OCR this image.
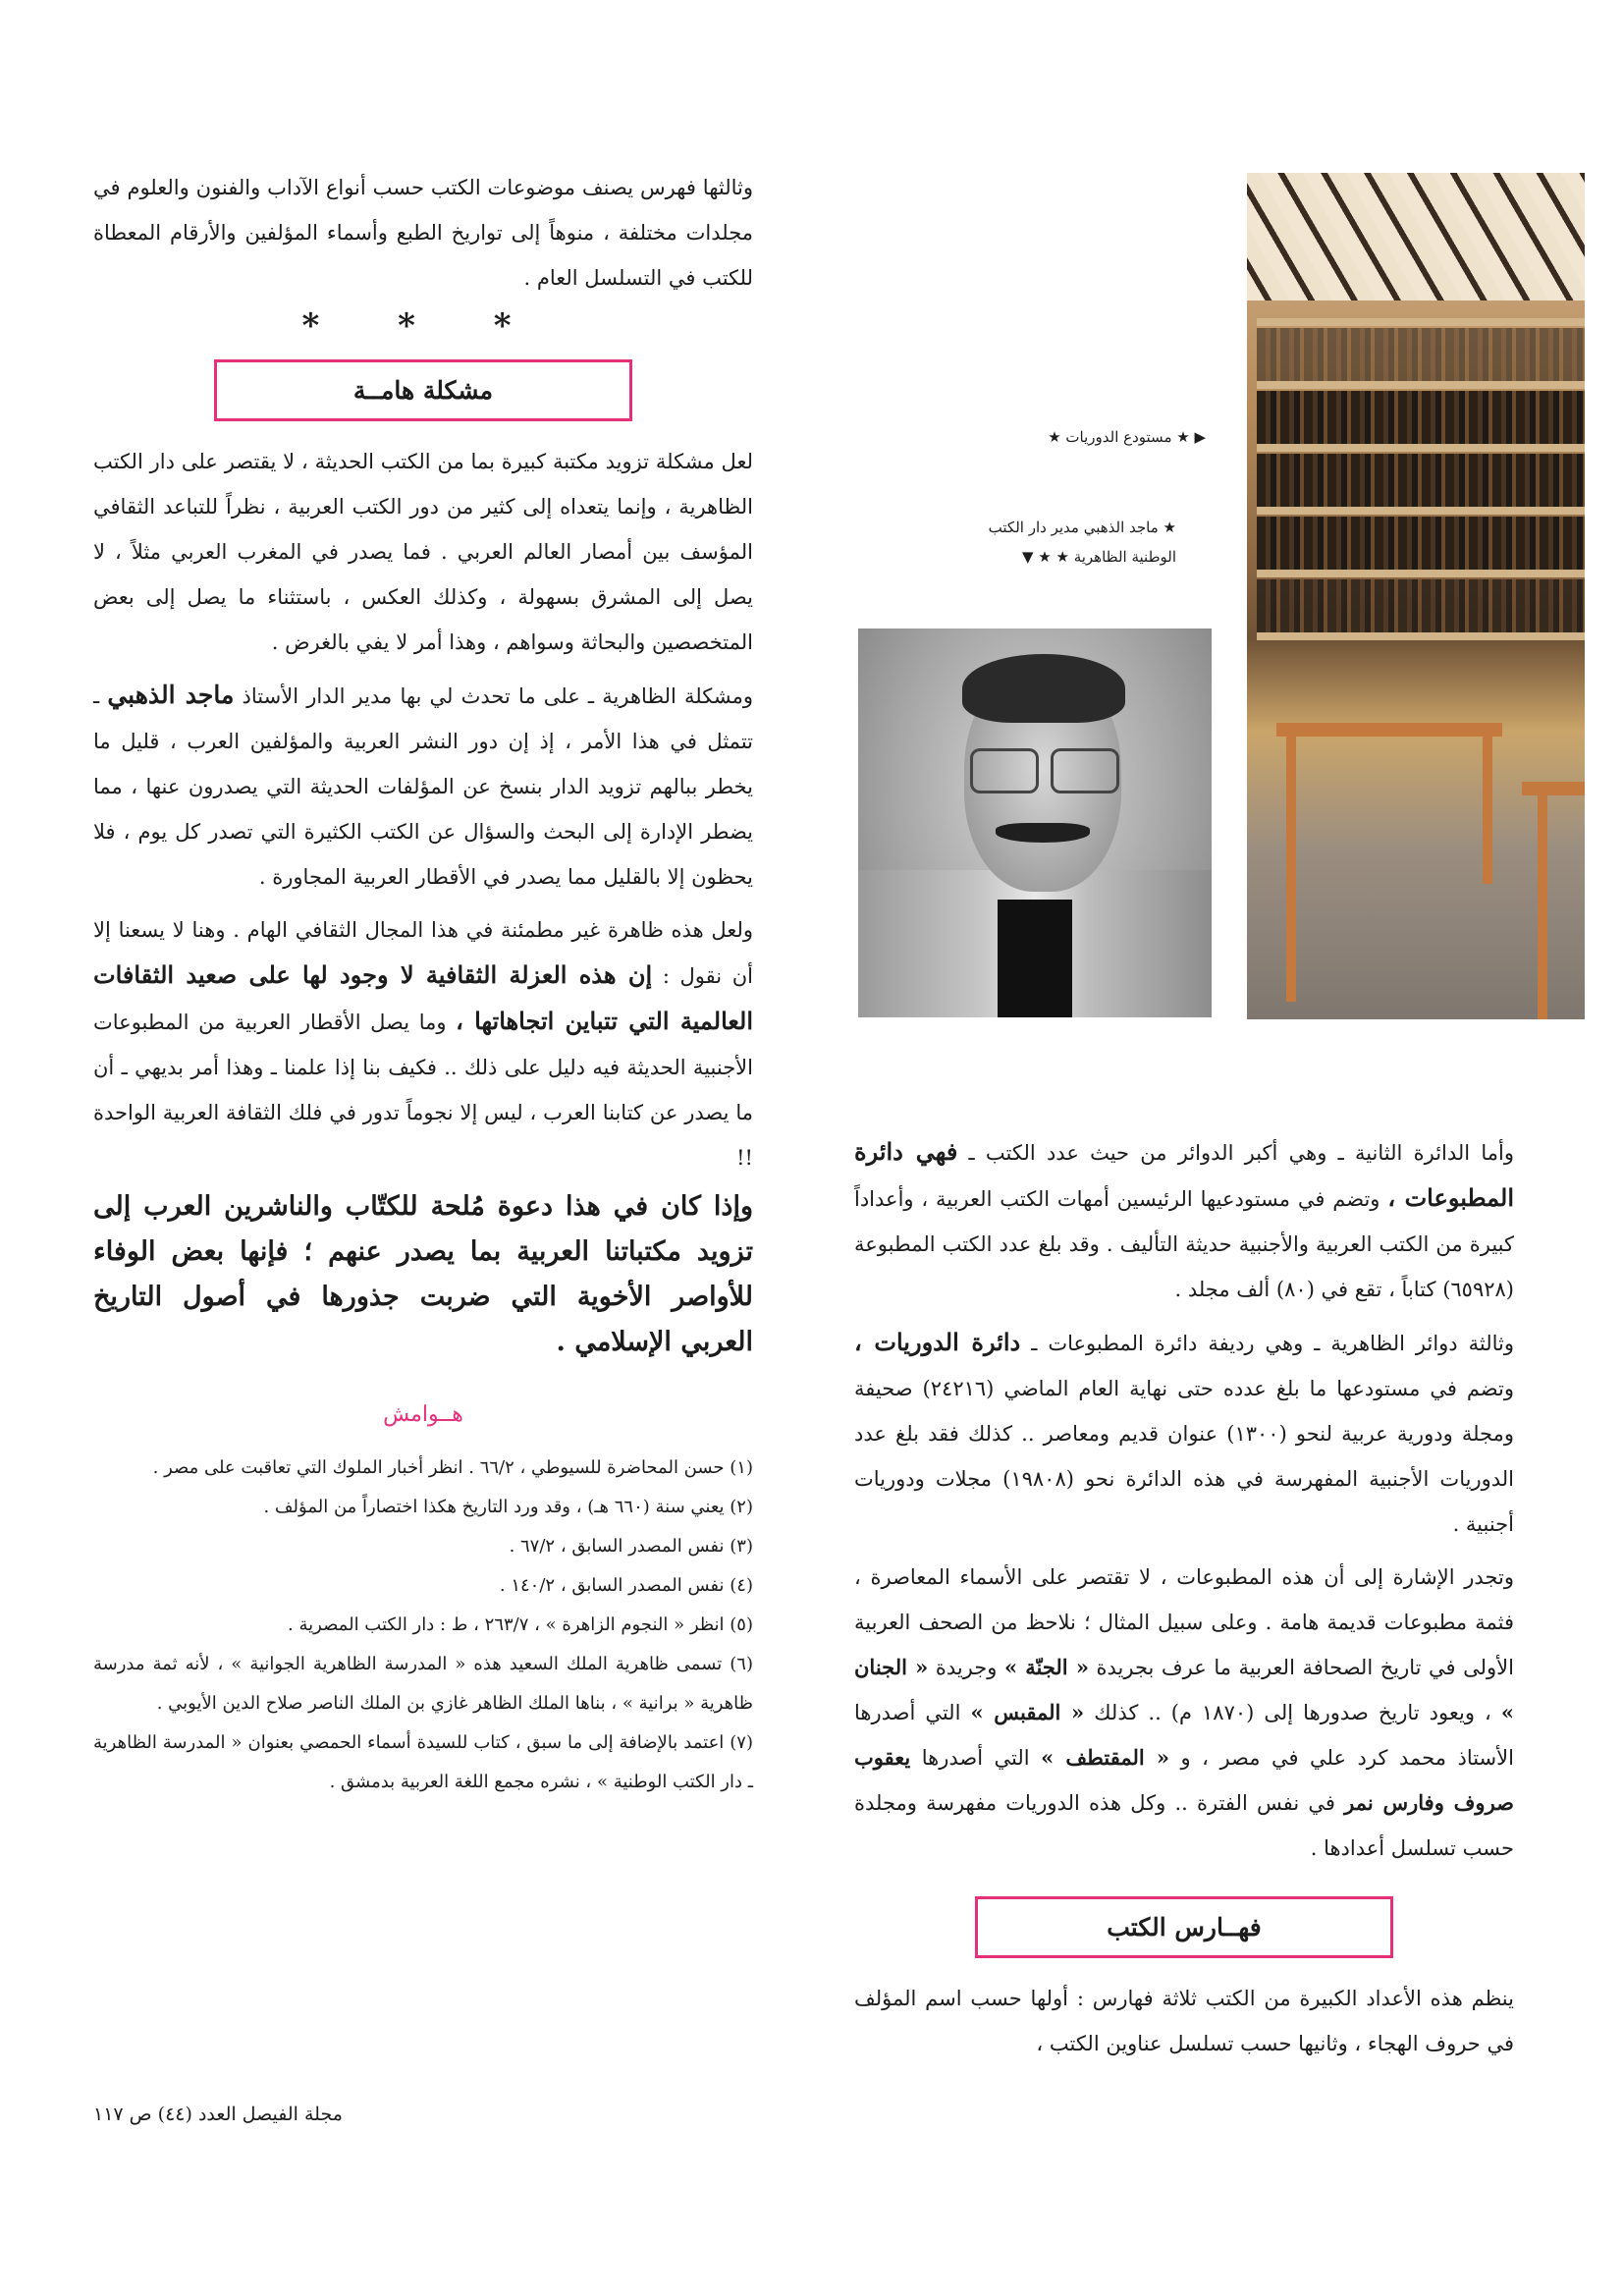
▶ ★ مستودع الدوريات ★
★ ماجد الذهبي مدير دار الكتب الوطنية الظاهرية ★ ★ ▼

وثالثها فهرس يصنف موضوعات الكتب حسب أنواع الآداب والفنون والعلوم في مجلدات مختلفة ، منوهاً إلى تواريخ الطبع وأسماء المؤلفين والأرقام المعطاة للكتب في التسلسل العام .

* * *
مشكلة هامــة

لعل مشكلة تزويد مكتبة كبيرة بما من الكتب الحديثة ، لا يقتصر على دار الكتب الظاهرية ، وإنما يتعداه إلى كثير من دور الكتب العربية ، نظراً للتباعد الثقافي المؤسف بين أمصار العالم العربي . فما يصدر في المغرب العربي مثلاً ، لا يصل إلى المشرق بسهولة ، وكذلك العكس ، باستثناء ما يصل إلى بعض المتخصصين والبحاثة وسواهم ، وهذا أمر لا يفي بالغرض .

ومشكلة الظاهرية ـ على ما تحدث لي بها مدير الدار الأستاذ ماجد الذهبي ـ تتمثل في هذا الأمر ، إذ إن دور النشر العربية والمؤلفين العرب ، قليل ما يخطر ببالهم تزويد الدار بنسخ عن المؤلفات الحديثة التي يصدرون عنها ، مما يضطر الإدارة إلى البحث والسؤال عن الكتب الكثيرة التي تصدر كل يوم ، فلا يحظون إلا بالقليل مما يصدر في الأقطار العربية المجاورة .

ولعل هذه ظاهرة غير مطمئنة في هذا المجال الثقافي الهام . وهنا لا يسعنا إلا أن نقول : إن هذه العزلة الثقافية لا وجود لها على صعيد الثقافات العالمية التي تتباين اتجاهاتها ، وما يصل الأقطار العربية من المطبوعات الأجنبية الحديثة فيه دليل على ذلك .. فكيف بنا إذا علمنا ـ وهذا أمر بديهي ـ أن ما يصدر عن كتابنا العرب ، ليس إلا نجوماً تدور في فلك الثقافة العربية الواحدة !!

وإذا كان في هذا دعوة مُلحة للكتّاب والناشرين العرب إلى تزويد مكتباتنا العربية بما يصدر عنهم ؛ فإنها بعض الوفاء للأواصر الأخوية التي ضربت جذورها في أصول التاريخ العربي الإسلامي .

هــوامش

(١) حسن المحاضرة للسيوطي ، ٦٦/٢ . انظر أخبار الملوك التي تعاقبت على مصر .

(٢) يعني سنة (٦٦٠ هـ) ، وقد ورد التاريخ هكذا اختصاراً من المؤلف .

(٣) نفس المصدر السابق ، ٦٧/٢ .

(٤) نفس المصدر السابق ، ١٤٠/٢ .

(٥) انظر « النجوم الزاهرة » ، ٢٦٣/٧ ، ط : دار الكتب المصرية .

(٦) تسمى ظاهرية الملك السعيد هذه « المدرسة الظاهرية الجوانية » ، لأنه ثمة مدرسة ظاهرية « برانية » ، بناها الملك الظاهر غازي بن الملك الناصر صلاح الدين الأيوبي .

(٧) اعتمد بالإضافة إلى ما سبق ، كتاب للسيدة أسماء الحمصي بعنوان « المدرسة الظاهرية ـ دار الكتب الوطنية » ، نشره مجمع اللغة العربية بدمشق .

وأما الدائرة الثانية ـ وهي أكبر الدوائر من حيث عدد الكتب ـ فهي دائرة المطبوعات ، وتضم في مستودعيها الرئيسين أمهات الكتب العربية ، وأعداداً كبيرة من الكتب العربية والأجنبية حديثة التأليف . وقد بلغ عدد الكتب المطبوعة (٦٥٩٢٨) كتاباً ، تقع في (٨٠) ألف مجلد .

وثالثة دوائر الظاهرية ـ وهي رديفة دائرة المطبوعات ـ دائرة الدوريات ، وتضم في مستودعها ما بلغ عدده حتى نهاية العام الماضي (٢٤٢١٦) صحيفة ومجلة ودورية عربية لنحو (١٣٠٠) عنوان قديم ومعاصر .. كذلك فقد بلغ عدد الدوريات الأجنبية المفهرسة في هذه الدائرة نحو (١٩٨٠٨) مجلات ودوريات أجنبية .

وتجدر الإشارة إلى أن هذه المطبوعات ، لا تقتصر على الأسماء المعاصرة ، فثمة مطبوعات قديمة هامة . وعلى سبيل المثال ؛ نلاحظ من الصحف العربية الأولى في تاريخ الصحافة العربية ما عرف بجريدة « الجنّة » وجريدة « الجنان » ، ويعود تاريخ صدورها إلى (١٨٧٠ م) .. كذلك « المقبس » التي أصدرها الأستاذ محمد كرد علي في مصر ، و « المقتطف » التي أصدرها يعقوب صروف وفارس نمر في نفس الفترة .. وكل هذه الدوريات مفهرسة ومجلدة حسب تسلسل أعدادها .

فهــارس الكتب

ينظم هذه الأعداد الكبيرة من الكتب ثلاثة فهارس : أولها حسب اسم المؤلف في حروف الهجاء ، وثانيها حسب تسلسل عناوين الكتب ،

مجلة الفيصل العدد (٤٤) ص ١١٧
